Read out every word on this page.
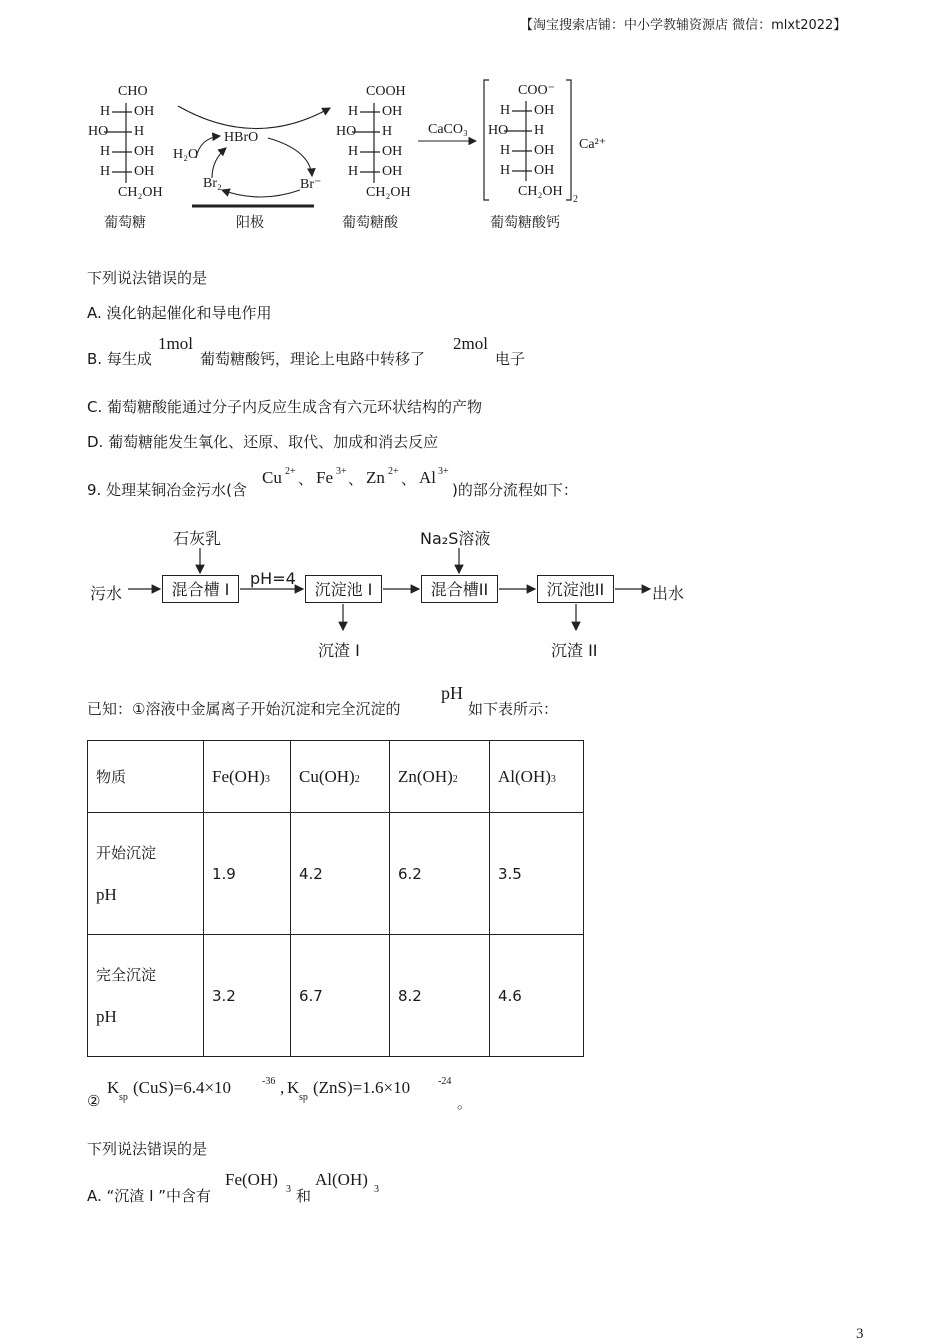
【淘宝搜索店铺：中小学教辅资源店 微信：mlxt2022】
CHO
H OH
HO H
H OH
H OH
CH₂OH
COOH
H OH
HO H
H OH
H OH
CH₂OH
COO⁻
H OH
HO H
H OH
H OH
CH₂OH
Ca²⁺
2
HBrO
H₂O
Br₂	Br⁻
CaCO₃
葡萄糖	阳极	葡萄糖酸	葡萄糖酸钙
下列说法错误的是
A. 溴化钠起催化和导电作用
B. 每生成
1mol
葡萄糖酸钙，理论上电路中转移了
2mol
电子
C. 葡萄糖酸能通过分子内反应生成含有六元环状结构的产物
D. 葡萄糖能发生氧化、还原、取代、加成和消去反应
9. 处理某铜冶金污水(含
Cu 2+ 、 Fe 3+ 、 Zn 2+ 、 Al 3+
)的部分流程如下：
石灰乳	Na₂S溶液
污水	混合槽 I
pH=4
沉淀池 I	混合槽II	沉淀池II	出水
沉渣 I	沉渣 II
已知：①溶液中金属离子开始沉淀和完全沉淀的
pH
如下表所示：
物质	Fe(OH)3	Cu(OH)2	Zn(OH)2	Al(OH)3
开始沉淀
pH	1.9	4.2	6.2	3.5
完全沉淀
pH	3.2	6.7	8.2	4.6
②
K
sp
(CuS)=6.4×10	-36 , K
sp
(ZnS)=1.6×10	-24
。
下列说法错误的是
A. “沉渣 I ”中含有
Fe(OH)
3 和
Al(OH)
3
3
